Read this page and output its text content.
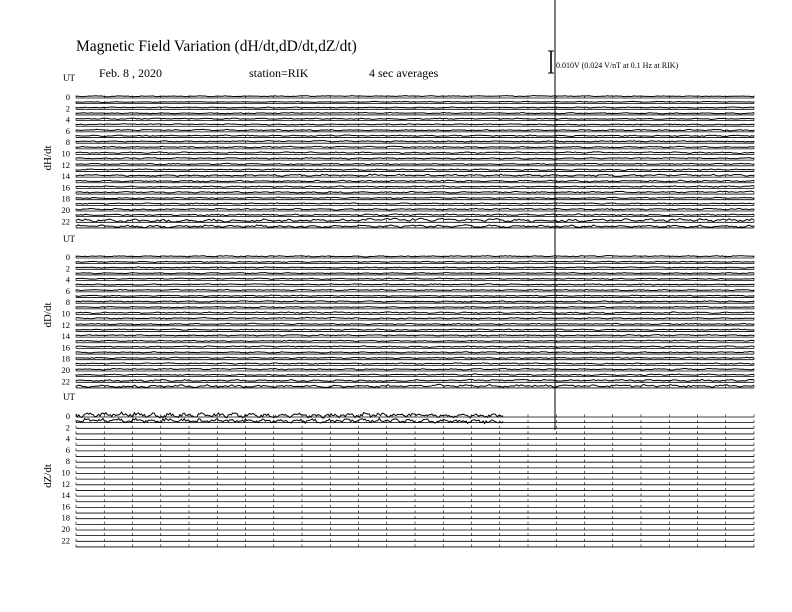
Magnetic Field Variation (dH/dt,dD/dt,dZ/dt)
Feb. 8 , 2020	station=RIK	4 sec averages
0.010V (0.024 V/nT at 0.1 Hz at RIK)
UT
dH/dt
0
2
4
6
8
10
12
14
16
18
20
22
UT
dD/dt
0
2
4
6
8
10
12
14
16
18
20
22
UT
dZ/dt
0
2
4
6
8
10
12
14
16
18
20
22
